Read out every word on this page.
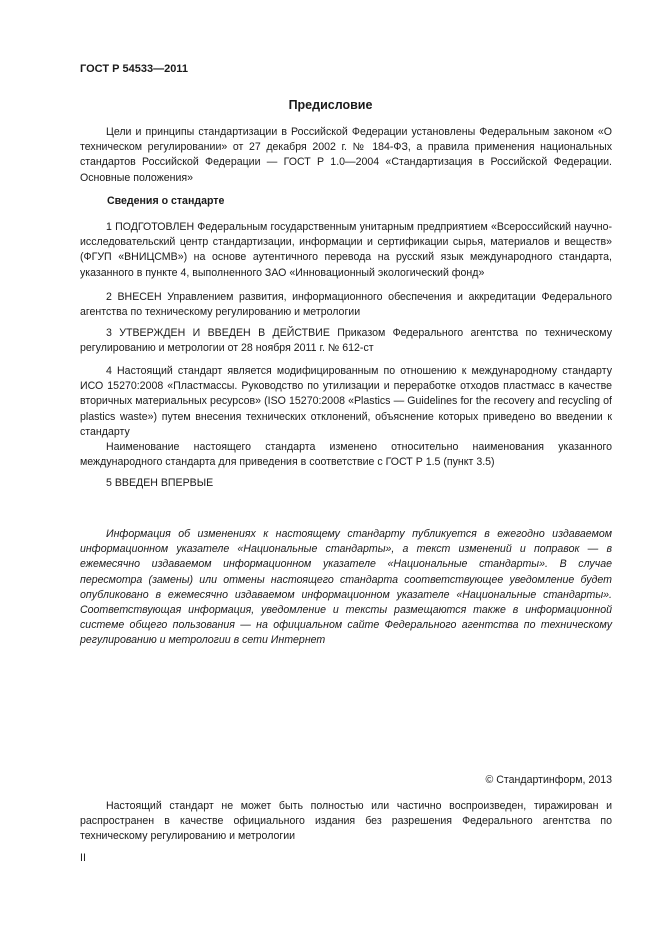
ГОСТ Р 54533—2011
Предисловие

Цели и принципы стандартизации в Российской Федерации установлены Федеральным законом «О техническом регулировании» от 27 декабря 2002 г. № 184-ФЗ, а правила применения национальных стандартов Российской Федерации — ГОСТ Р 1.0—2004 «Стандартизация в Российской Федерации. Основные положения»

Сведения о стандарте

1 ПОДГОТОВЛЕН Федеральным государственным унитарным предприятием «Всероссийский научно-исследовательский центр стандартизации, информации и сертификации сырья, материалов и веществ» (ФГУП «ВНИЦСМВ») на основе аутентичного перевода на русский язык международного стандарта, указанного в пункте 4, выполненного ЗАО «Инновационный экологический фонд»

2 ВНЕСЕН Управлением развития, информационного обеспечения и аккредитации Федерального агентства по техническому регулированию и метрологии

3 УТВЕРЖДЕН И ВВЕДЕН В ДЕЙСТВИЕ Приказом Федерального агентства по техническому регулированию и метрологии от 28 ноября 2011 г. № 612-ст

4 Настоящий стандарт является модифицированным по отношению к международному стандарту ИСО 15270:2008 «Пластмассы. Руководство по утилизации и переработке отходов пластмасс в качестве вторичных материальных ресурсов» (ISO 15270:2008 «Plastics — Guidelines for the recovery and recycling of plastics waste») путем внесения технических отклонений, объяснение которых приведено во введении к стандарту

Наименование настоящего стандарта изменено относительно наименования указанного международного стандарта для приведения в соответствие с ГОСТ Р 1.5 (пункт 3.5)

5 ВВЕДЕН ВПЕРВЫЕ

Информация об изменениях к настоящему стандарту публикуется в ежегодно издаваемом информационном указателе «Национальные стандарты», а текст изменений и поправок — в ежемесячно издаваемом информационном указателе «Национальные стандарты». В случае пересмотра (замены) или отмены настоящего стандарта соответствующее уведомление будет опубликовано в ежемесячно издаваемом информационном указателе «Национальные стандарты». Соответствующая информация, уведомление и тексты размещаются также в информационной системе общего пользования — на официальном сайте Федерального агентства по техническому регулированию и метрологии в сети Интернет

© Стандартинформ, 2013

Настоящий стандарт не может быть полностью или частично воспроизведен, тиражирован и распространен в качестве официального издания без разрешения Федерального агентства по техническому регулированию и метрологии

II
